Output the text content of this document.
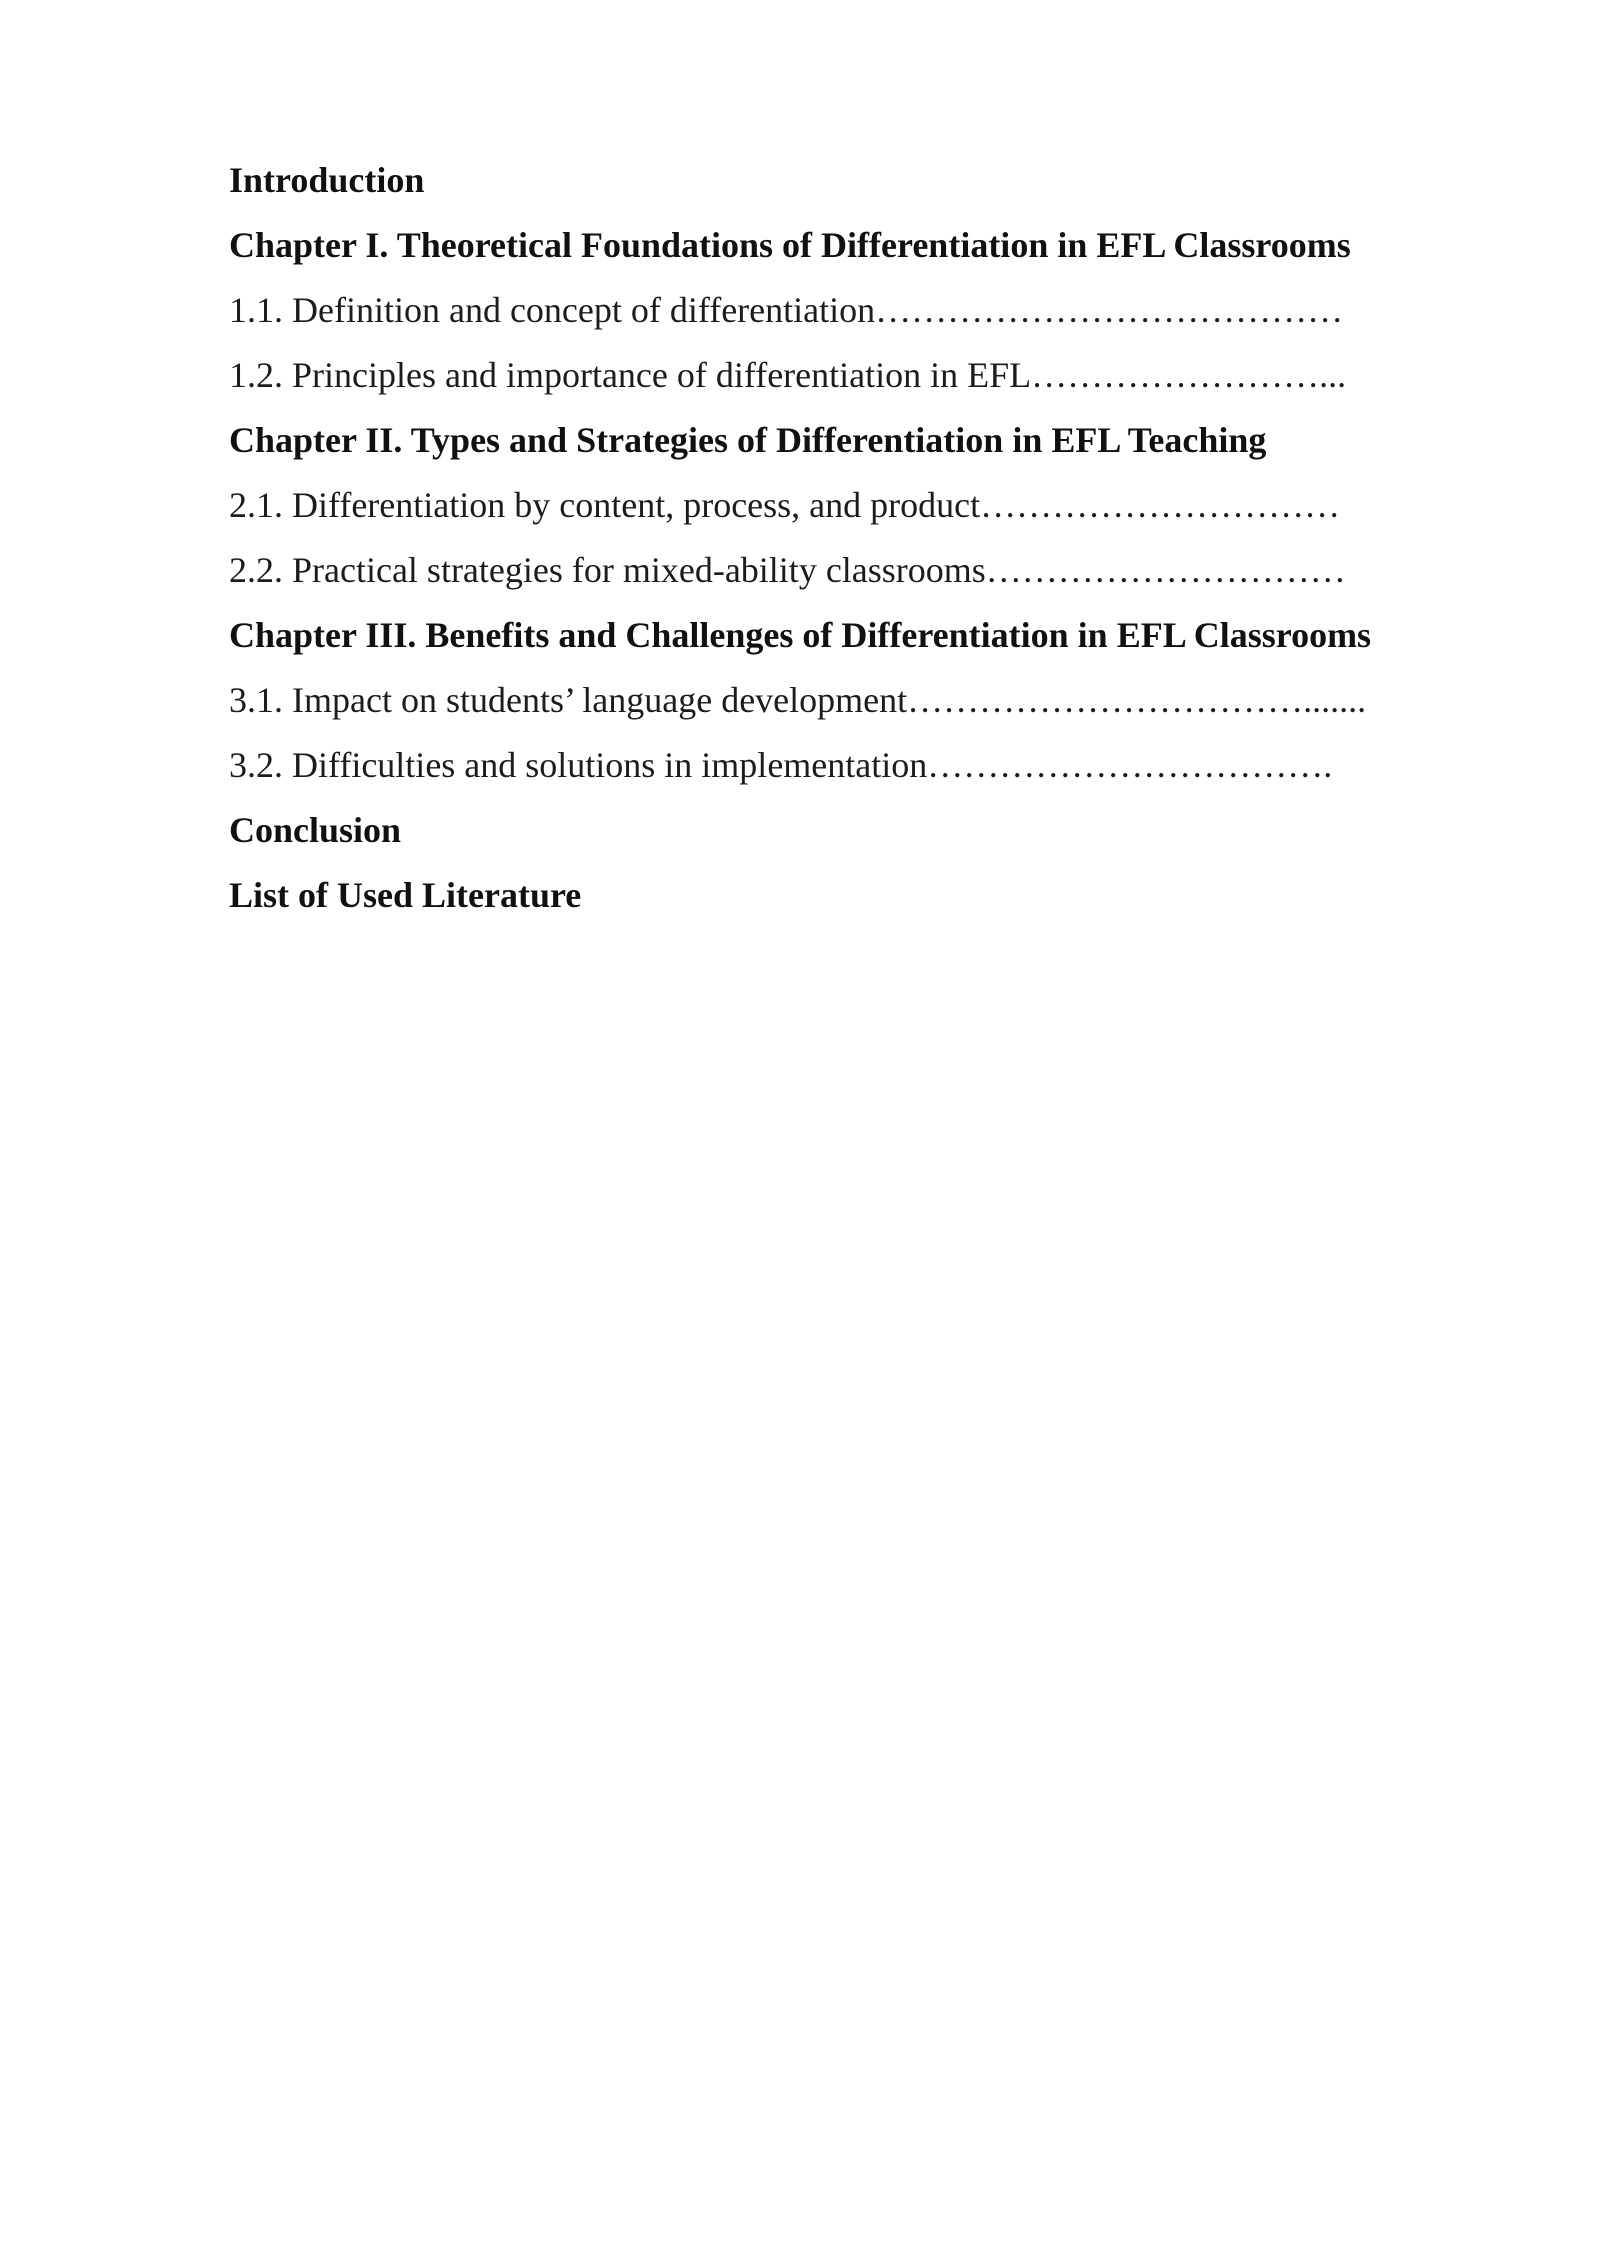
Introduction
Chapter I. Theoretical Foundations of Differentiation in EFL Classrooms
1.1. Definition and concept of differentiation…………………………………
1.2. Principles and importance of differentiation in EFL……………………...
Chapter II. Types and Strategies of Differentiation in EFL Teaching
2.1. Differentiation by content, process, and product…………………………
2.2. Practical strategies for mixed-ability classrooms…………………………
Chapter III. Benefits and Challenges of Differentiation in EFL Classrooms
3.1. Impact on students’ language development…………………………….......
3.2. Difficulties and solutions in implementation…………………………….
Conclusion
List of Used Literature
